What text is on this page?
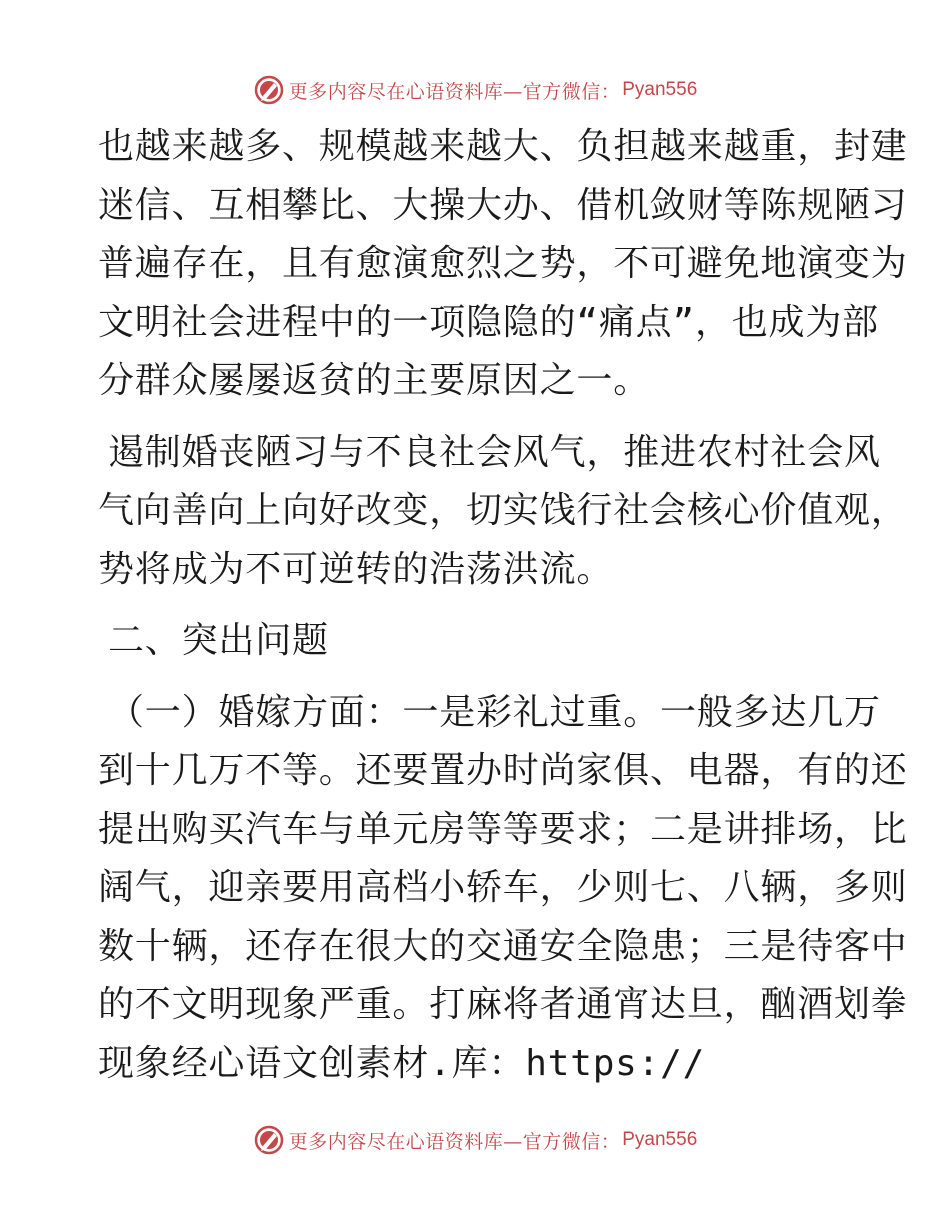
更多内容尽在心语资料库—官方微信： Pyan556
也越来越多、规模越来越大、负担越来越重，封建
迷信、互相攀比、大操大办、借机敛财等陈规陋习
普遍存在，且有愈演愈烈之势，不可避免地演变为
文明社会进程中的一项隐隐的“痛点”，也成为部
分群众屡屡返贫的主要原因之一。
遏制婚丧陋习与不良社会风气，推进农村社会风
气向善向上向好改变，切实饯行社会核心价值观，
势将成为不可逆转的浩荡洪流。
二、突出问题
（一）婚嫁方面：一是彩礼过重。一般多达几万
到十几万不等。还要置办时尚家俱、电器，有的还
提出购买汽车与单元房等等要求；二是讲排场，比
阔气，迎亲要用高档小轿车，少则七、八辆，多则
数十辆，还存在很大的交通安全隐患；三是待客中
的不文明现象严重。打麻将者通宵达旦，酗酒划拳
现象经心语文创素材.库：https://
更多内容尽在心语资料库—官方微信： Pyan556
